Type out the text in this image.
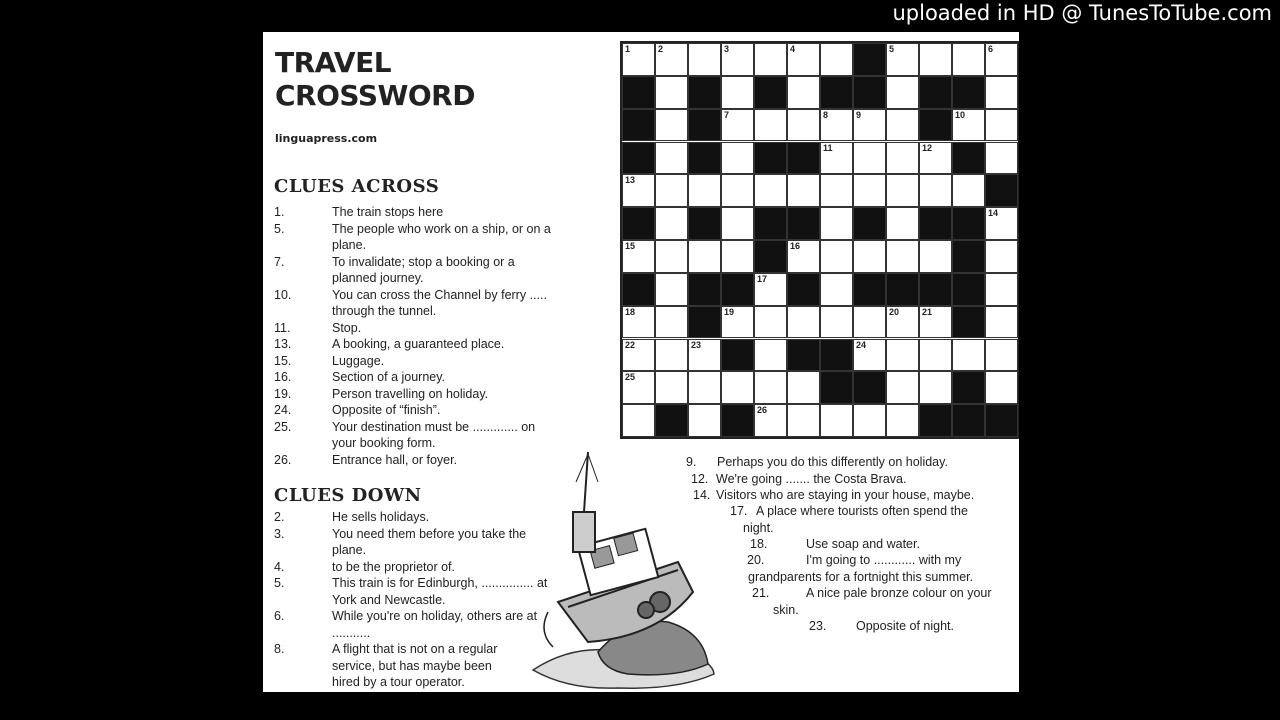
uploaded in HD @ TunesToTube.com
TRAVEL
CROSSWORD
linguapress.com
CLUES ACROSS
1.	The train stops here
5.	The people who work on a ship, or on a
plane.
7.	To invalidate; stop a booking or a
planned journey.
10.	You can cross the Channel by ferry .....
through the tunnel.
11.	Stop.
13.	A booking, a guaranteed place.
15.	Luggage.
16.	Section of a journey.
19.	Person travelling on holiday.
24.	Opposite of “finish”.
25.	Your destination must be ............. on
your booking form.
26.	Entrance hall, or foyer.
CLUES DOWN
2.	He sells holidays.
3.	You need them before you take the
plane.
4.	to be the proprietor of.
5.	This train is for Edinburgh, ............... at
York and Newcastle.
6.	While you're on holiday, others are at
...........
8.	A flight that is not on a regular
service, but has maybe been
hired by a tour operator.
1	2	3	4	5	6
7	8	9	10
11	12
13
14
15	16
17
18	19	20	21
22	23	24
25
26
9. Perhaps you do this differently on holiday.
12. We're going ....... the Costa Brava.
14. Visitors who are staying in your house, maybe.
17. A place where tourists often spend the
night.
18.	Use soap and water.
20.	I'm going to ............ with my
grandparents for a fortnight this summer.
21.	A nice pale bronze colour on your
skin.
23. Opposite of night.
